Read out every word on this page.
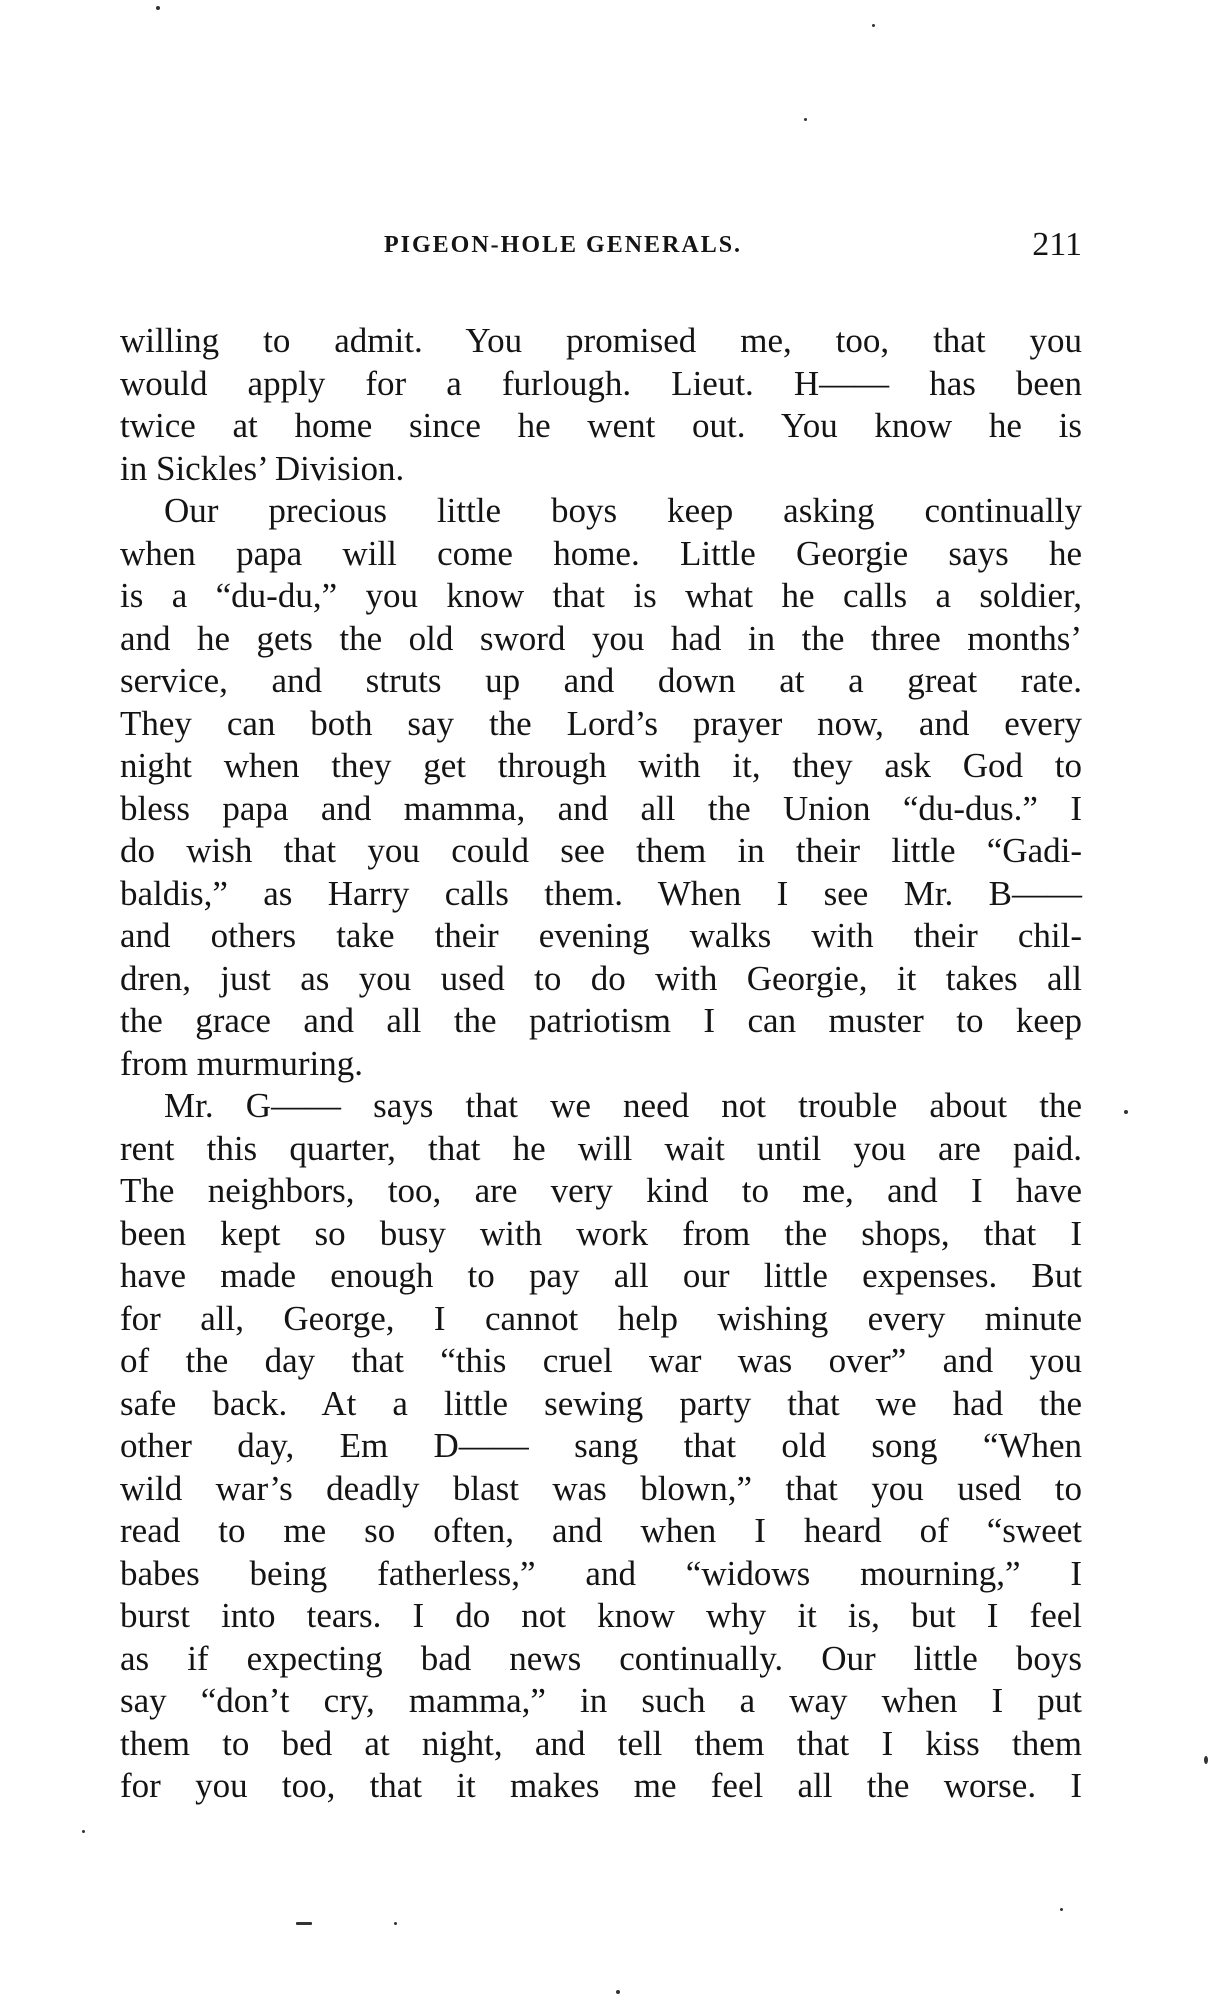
PIGEON-HOLE GENERALS.	211
willing to admit. You promised me, too, that you
would apply for a furlough. Lieut. H—— has been
twice at home since he went out. You know he is
in Sickles’ Division.
Our precious little boys keep asking continually
when papa will come home. Little Georgie says he
is a “du-du,” you know that is what he calls a soldier,
and he gets the old sword you had in the three months’
service, and struts up and down at a great rate.
They can both say the Lord’s prayer now, and every
night when they get through with it, they ask God to
bless papa and mamma, and all the Union “du-dus.” I
do wish that you could see them in their little “Gadi-
baldis,” as Harry calls them. When I see Mr. B——
and others take their evening walks with their chil-
dren, just as you used to do with Georgie, it takes all
the grace and all the patriotism I can muster to keep
from murmuring.
Mr. G—— says that we need not trouble about the
rent this quarter, that he will wait until you are paid.
The neighbors, too, are very kind to me, and I have
been kept so busy with work from the shops, that I
have made enough to pay all our little expenses. But
for all, George, I cannot help wishing every minute
of the day that “this cruel war was over” and you
safe back. At a little sewing party that we had the
other day, Em D—— sang that old song “When
wild war’s deadly blast was blown,” that you used to
read to me so often, and when I heard of “sweet
babes being fatherless,” and “widows mourning,” I
burst into tears. I do not know why it is, but I feel
as if expecting bad news continually. Our little boys
say “don’t cry, mamma,” in such a way when I put
them to bed at night, and tell them that I kiss them
for you too, that it makes me feel all the worse. I
